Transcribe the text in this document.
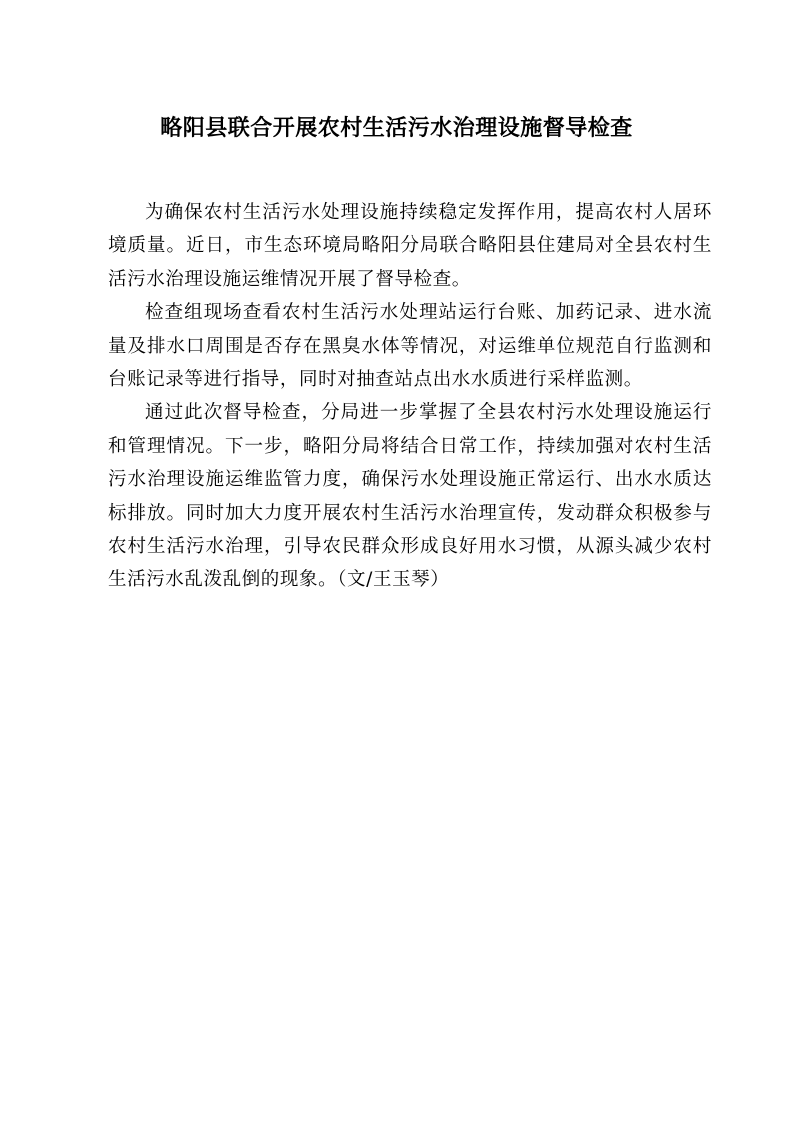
略阳县联合开展农村生活污水治理设施督导检查

为确保农村生活污水处理设施持续稳定发挥作用，提高农村人居环境质量。近日，市生态环境局略阳分局联合略阳县住建局对全县农村生活污水治理设施运维情况开展了督导检查。

检查组现场查看农村生活污水处理站运行台账、加药记录、进水流量及排水口周围是否存在黑臭水体等情况，对运维单位规范自行监测和台账记录等进行指导，同时对抽查站点出水水质进行采样监测。

通过此次督导检查，分局进一步掌握了全县农村污水处理设施运行和管理情况。下一步，略阳分局将结合日常工作，持续加强对农村生活污水治理设施运维监管力度，确保污水处理设施正常运行、出水水质达标排放。同时加大力度开展农村生活污水治理宣传，发动群众积极参与农村生活污水治理，引导农民群众形成良好用水习惯，从源头减少农村生活污水乱泼乱倒的现象。（文/王玉琴）
